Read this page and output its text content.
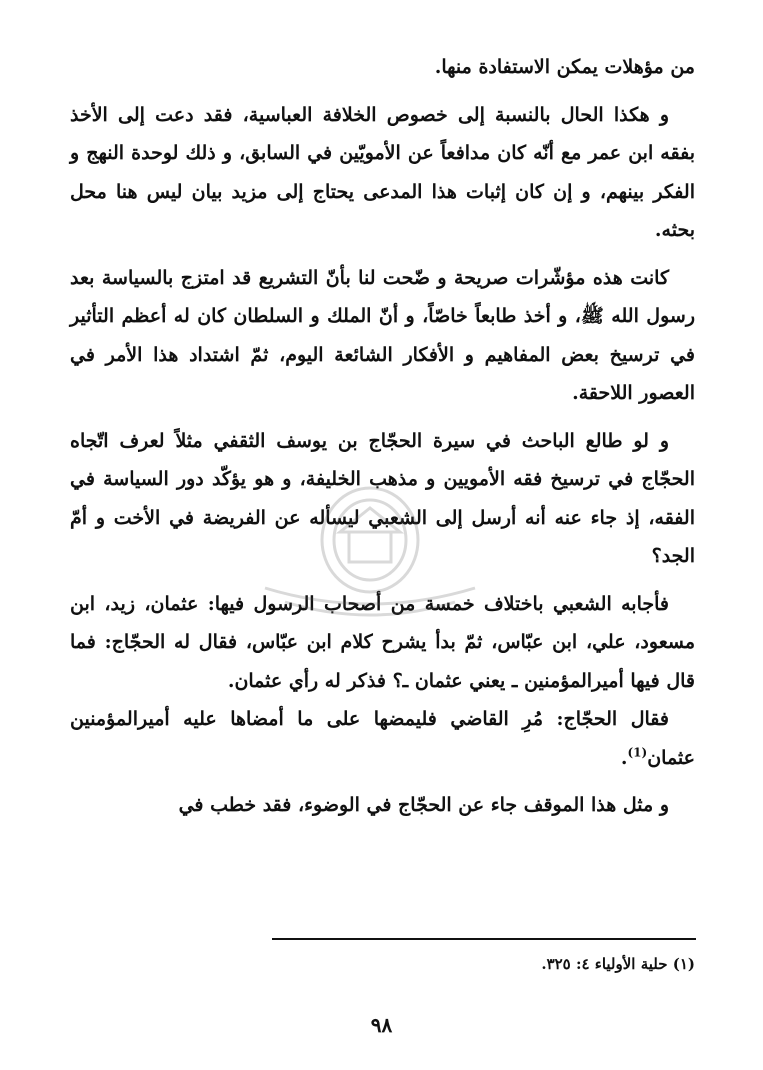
من مؤهلات يمكن الاستفادة منها.

و هكذا الحال بالنسبة إلى خصوص الخلافة العباسية، فقد دعت إلى الأخذ بفقه ابن عمر مع أنّه كان مدافعاً عن الأمويّين في السابق، و ذلك لوحدة النهج و الفكر بينهم، و إن كان إثبات هذا المدعى يحتاج إلى مزيد بيان ليس هنا محل بحثه.

كانت هذه مؤشّرات صريحة و ضّحت لنا بأنّ التشريع قد امتزج بالسياسة بعد رسول الله ﷺ، و أخذ طابعاً خاصّاً، و أنّ الملك و السلطان كان له أعظم التأثير في ترسيخ بعض المفاهيم و الأفكار الشائعة اليوم، ثمّ اشتداد هذا الأمر في العصور اللاحقة.

و لو طالع الباحث في سيرة الحجّاج بن يوسف الثقفي مثلاً لعرف اتّجاه الحجّاج في ترسيخ فقه الأمويين و مذهب الخليفة، و هو يؤكّد دور السياسة في الفقه، إذ جاء عنه أنه أرسل إلى الشعبي ليسأله عن الفريضة في الأخت و أمّ الجد؟

فأجابه الشعبي باختلاف خمسة من أصحاب الرسول فيها: عثمان، زيد، ابن مسعود، علي، ابن عبّاس، ثمّ بدأ يشرح كلام ابن عبّاس، فقال له الحجّاج: فما قال فيها أميرالمؤمنين ـ يعني عثمان ـ؟ فذكر له رأي عثمان.

فقال الحجّاج: مُرِ القاضي فليمضها على ما أمضاها عليه أميرالمؤمنين عثمان$^{(1)}$.

و مثل هذا الموقف جاء عن الحجّاج في الوضوء، فقد خطب في

(١) حلية الأولياء ٤: ٣٢٥.
٩٨
